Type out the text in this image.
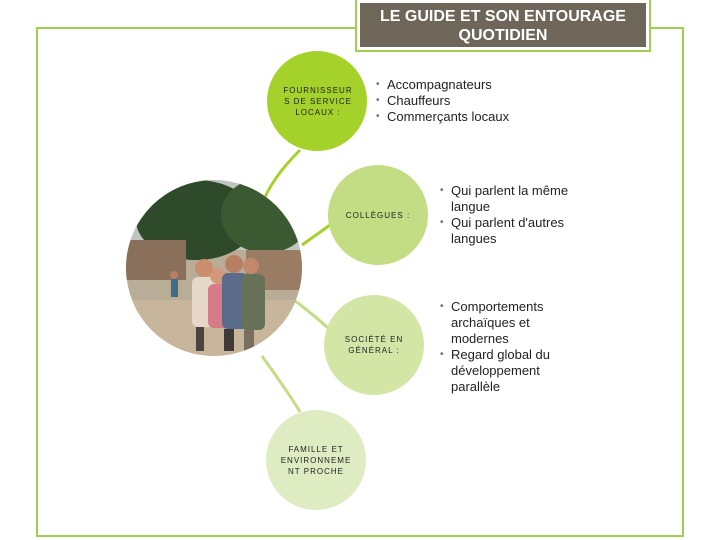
LE GUIDE ET SON ENTOURAGE
QUOTIDIEN
FOURNISSEUR S DE SERVICE LOCAUX :
COLLÈGUES :
SOCIÉTÉ EN GÉNÉRAL :
FAMILLE ET ENVIRONNEME NT PROCHE
• Accompagnateurs
• Chauffeurs
• Commerçants locaux
• Qui parlent la même langue
• Qui parlent d'autres langues
• Comportements archaïques et modernes
• Regard global du développement parallèle
